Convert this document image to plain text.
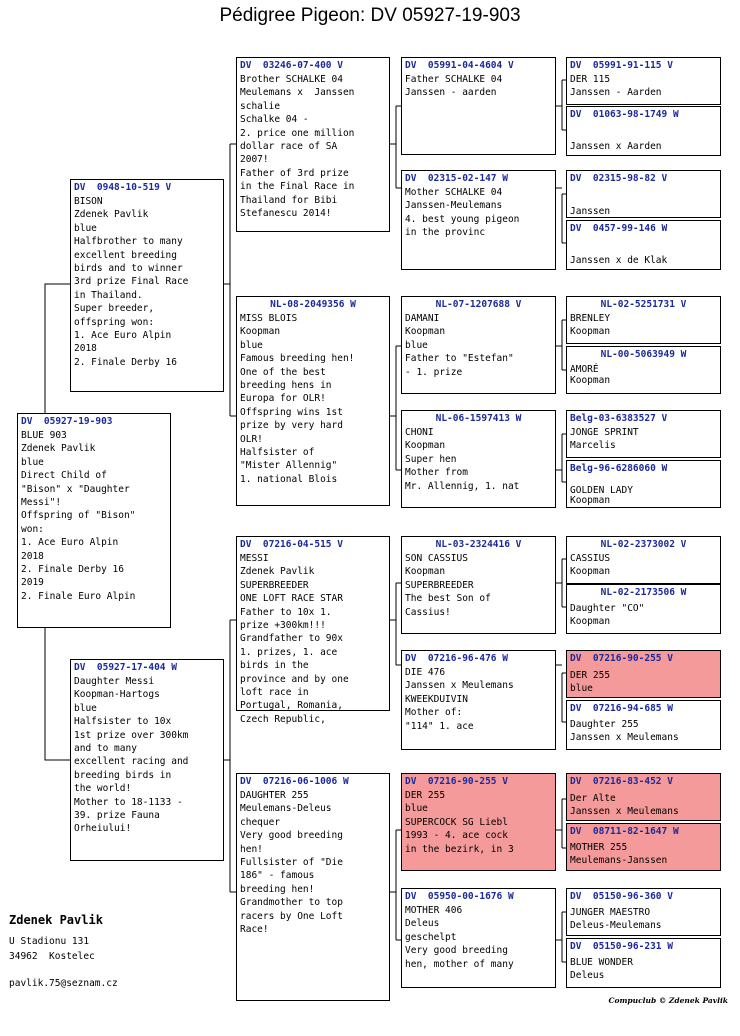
Pédigree Pigeon: DV 05927-19-903
DV  05927-19-903
BLUE 903
Zdenek Pavlik
blue
Direct Child of
"Bison" x "Daughter
Messi"!
Offspring of "Bison"
won:
1. Ace Euro Alpin
2018
2. Finale Derby 16
2019
2. Finale Euro Alpin
DV  0948-10-519 V
BISON
Zdenek Pavlik
blue
Halfbrother to many
excellent breeding
birds and to winner
3rd prize Final Race
in Thailand.
Super breeder,
offspring won:
1. Ace Euro Alpin
2018
2. Finale Derby 16
DV  05927-17-404 W
Daughter Messi
Koopman-Hartogs
blue
Halfsister to 10x
1st prize over 300km
and to many
excellent racing and
breeding birds in
the world!
Mother to 18-1133 -
39. prize Fauna
Orheiului!
DV  03246-07-400 V
Brother SCHALKE 04
Meulemans x  Janssen
schalie
Schalke 04 -
2. price one million
dollar race of SA
2007!
Father of 3rd prize
in the Final Race in
Thailand for Bibi
Stefanescu 2014!
NL-08-2049356 W
MISS BLOIS
Koopman
blue
Famous breeding hen!
One of the best
breeding hens in
Europa for OLR!
Offspring wins 1st
prize by very hard
OLR!
Halfsister of
"Mister Allennig"
1. national Blois
DV  07216-04-515 V
MESSI
Zdenek Pavlik
SUPERBREEDER
ONE LOFT RACE STAR
Father to 10x 1.
prize +300km!!!
Grandfather to 90x
1. prizes, 1. ace
birds in the
province and by one
loft race in
Portugal, Romania,
Czech Republic,
DV  07216-06-1006 W
DAUGHTER 255
Meulemans-Deleus
chequer
Very good breeding
hen!
Fullsister of "Die
186" - famous
breeding hen!
Grandmother to top
racers by One Loft
Race!
DV  05991-04-4604 V
Father SCHALKE 04
Janssen - aarden
DV  02315-02-147 W
Mother SCHALKE 04
Janssen-Meulemans
4. best young pigeon
in the provinc
NL-07-1207688 V
DAMANI
Koopman
blue
Father to "Estefan"
- 1. prize
NL-06-1597413 W
CHONI
Koopman
Super hen
Mother from
Mr. Allennig, 1. nat
NL-03-2324416 V
SON CASSIUS
Koopman
SUPERBREEDER
The best Son of
Cassius!
DV  07216-96-476 W
DIE 476
Janssen x Meulemans
KWEEKDUIVIN
Mother of:
"114" 1. ace
DV  07216-90-255 V
DER 255
blue
SUPERCOCK SG Liebl
1993 - 4. ace cock
in the bezirk, in 3
DV  05950-00-1676 W
MOTHER 406
Deleus
geschelpt
Very good breeding
hen, mother of many
DV  05991-91-115 V
DER 115
Janssen - Aarden
DV  01063-98-1749 W

Janssen x Aarden
DV  02315-98-82 V

Janssen
DV  0457-99-146 W

Janssen x de Klak
NL-02-5251731 V
BRENLEY
Koopman
NL-00-5063949 W
AMORÉ
Koopman
Belg-03-6383527 V
JONGE SPRINT
Marcelis
Belg-96-6286060 W

GOLDEN LADY
Koopman
NL-02-2373002 V
CASSIUS
Koopman
NL-02-2173506 W
Daughter "CO"
Koopman
DV  07216-90-255 V
DER 255
blue
DV  07216-94-685 W
Daughter 255
Janssen x Meulemans
DV  07216-83-452 V
Der Alte
Janssen x Meulemans
DV  08711-82-1647 W
MOTHER 255
Meulemans-Janssen
DV  05150-96-360 V
JUNGER MAESTRO
Deleus-Meulemans
DV  05150-96-231 W
BLUE WONDER
Deleus
Zdenek Pavlik
U Stadionu 131
34962  Kostelec
pavlik.75@seznam.cz
Compuclub © Zdenek Pavlik
